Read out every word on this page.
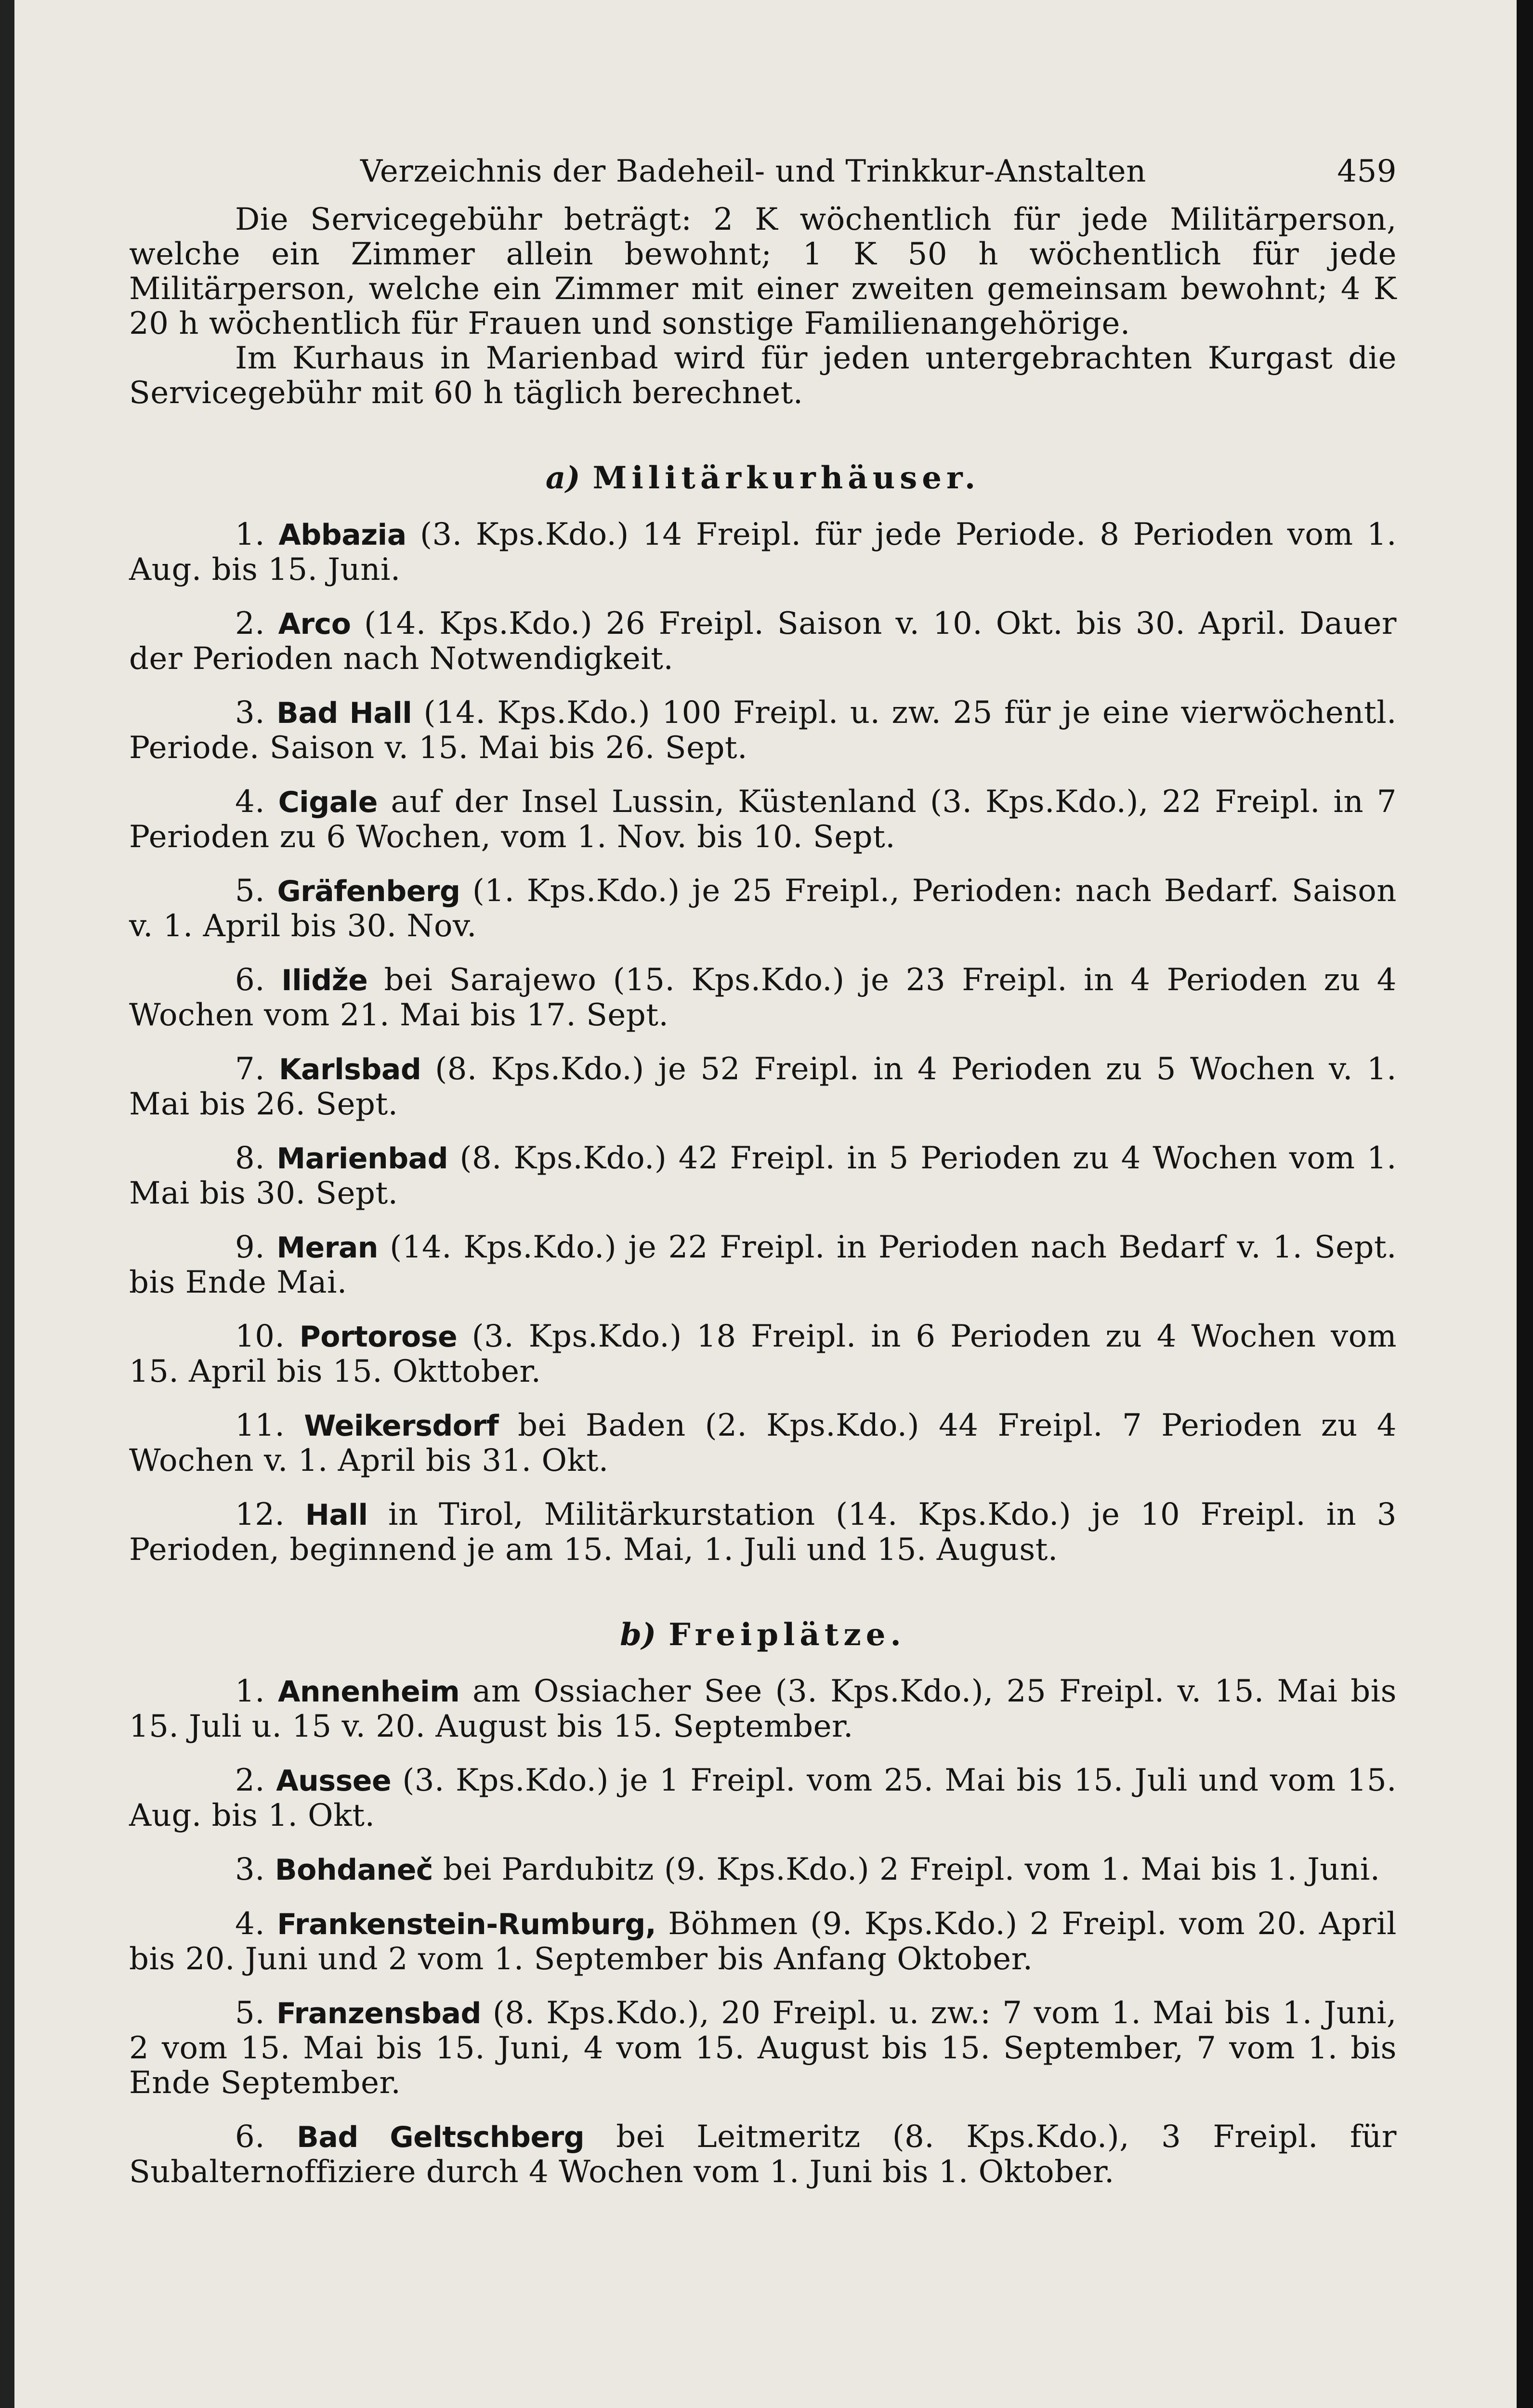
Verzeichnis der Badeheil- und Trinkkur-Anstalten	459

Die Servicegebühr beträgt: 2 K wöchentlich für jede Militärperson, welche ein Zimmer allein bewohnt; 1 K 50 h wöchentlich für jede Militärperson, welche ein Zimmer mit einer zweiten gemeinsam bewohnt; 4 K 20 h wöchentlich für Frauen und sonstige Familienangehörige.

Im Kurhaus in Marienbad wird für jeden untergebrachten Kurgast die Servicegebühr mit 60 h täglich berechnet.

a) Militärkurhäuser.

1. Abbazia (3. Kps.Kdo.) 14 Freipl. für jede Periode. 8 Perioden vom 1. Aug. bis 15. Juni.

2. Arco (14. Kps.Kdo.) 26 Freipl. Saison v. 10. Okt. bis 30. April. Dauer der Perioden nach Notwendigkeit.

3. Bad Hall (14. Kps.Kdo.) 100 Freipl. u. zw. 25 für je eine vierwöchentl. Periode. Saison v. 15. Mai bis 26. Sept.

4. Cigale auf der Insel Lussin, Küstenland (3. Kps.Kdo.), 22 Freipl. in 7 Perioden zu 6 Wochen, vom 1. Nov. bis 10. Sept.

5. Gräfenberg (1. Kps.Kdo.) je 25 Freipl., Perioden: nach Bedarf. Saison v. 1. April bis 30. Nov.

6. Ilidže bei Sarajewo (15. Kps.Kdo.) je 23 Freipl. in 4 Perioden zu 4 Wochen vom 21. Mai bis 17. Sept.

7. Karlsbad (8. Kps.Kdo.) je 52 Freipl. in 4 Perioden zu 5 Wochen v. 1. Mai bis 26. Sept.

8. Marienbad (8. Kps.Kdo.) 42 Freipl. in 5 Perioden zu 4 Wochen vom 1. Mai bis 30. Sept.

9. Meran (14. Kps.Kdo.) je 22 Freipl. in Perioden nach Bedarf v. 1. Sept. bis Ende Mai.

10. Portorose (3. Kps.Kdo.) 18 Freipl. in 6 Perioden zu 4 Wochen vom 15. April bis 15. Okttober.

11. Weikersdorf bei Baden (2. Kps.Kdo.) 44 Freipl. 7 Perioden zu 4 Wochen v. 1. April bis 31. Okt.

12. Hall in Tirol, Militärkurstation (14. Kps.Kdo.) je 10 Freipl. in 3 Perioden, beginnend je am 15. Mai, 1. Juli und 15. August.

b) Freiplätze.

1. Annenheim am Ossiacher See (3. Kps.Kdo.), 25 Freipl. v. 15. Mai bis 15. Juli u. 15 v. 20. August bis 15. September.

2. Aussee (3. Kps.Kdo.) je 1 Freipl. vom 25. Mai bis 15. Juli und vom 15. Aug. bis 1. Okt.

3. Bohdaneč bei Pardubitz (9. Kps.Kdo.) 2 Freipl. vom 1. Mai bis 1. Juni.

4. Frankenstein-Rumburg, Böhmen (9. Kps.Kdo.) 2 Freipl. vom 20. April bis 20. Juni und 2 vom 1. September bis Anfang Oktober.

5. Franzensbad (8. Kps.Kdo.), 20 Freipl. u. zw.: 7 vom 1. Mai bis 1. Juni, 2 vom 15. Mai bis 15. Juni, 4 vom 15. August bis 15. September, 7 vom 1. bis Ende September.

6. Bad Geltschberg bei Leitmeritz (8. Kps.Kdo.), 3 Freipl. für Subalternoffiziere durch 4 Wochen vom 1. Juni bis 1. Oktober.
